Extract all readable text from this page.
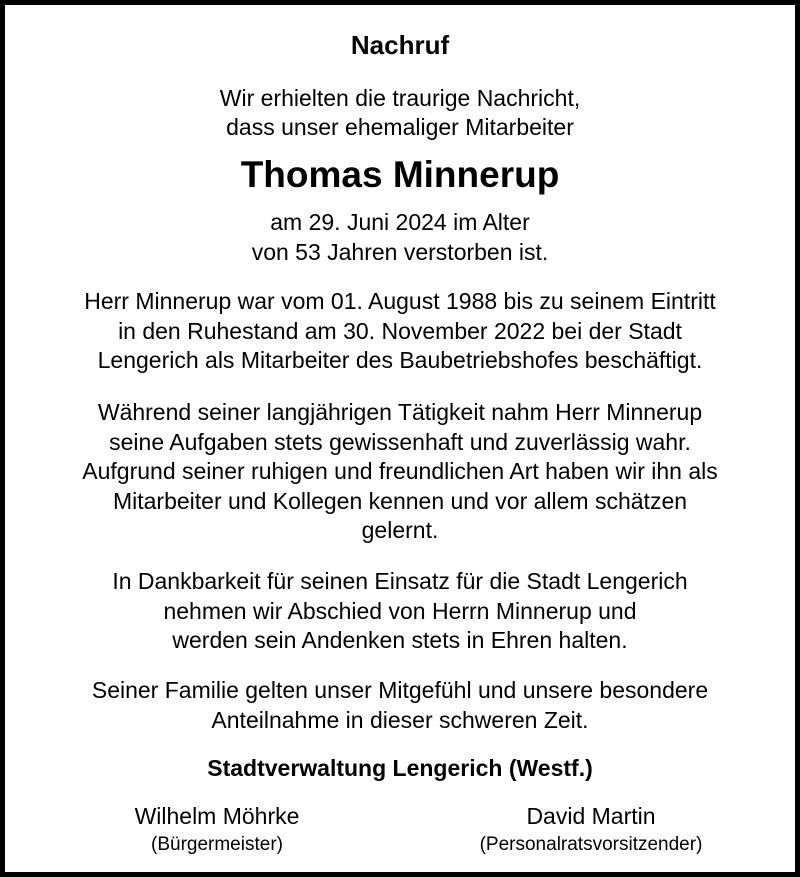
Nachruf
Wir erhielten die traurige Nachricht,
dass unser ehemaliger Mitarbeiter
Thomas Minnerup
am 29. Juni 2024 im Alter
von 53 Jahren verstorben ist.
Herr Minnerup war vom 01. August 1988 bis zu seinem Eintritt
in den Ruhestand am 30. November 2022 bei der Stadt
Lengerich als Mitarbeiter des Baubetriebshofes beschäftigt.
Während seiner langjährigen Tätigkeit nahm Herr Minnerup
seine Aufgaben stets gewissenhaft und zuverlässig wahr.
Aufgrund seiner ruhigen und freundlichen Art haben wir ihn als
Mitarbeiter und Kollegen kennen und vor allem schätzen
gelernt.
In Dankbarkeit für seinen Einsatz für die Stadt Lengerich
nehmen wir Abschied von Herrn Minnerup und
werden sein Andenken stets in Ehren halten.
Seiner Familie gelten unser Mitgefühl und unsere besondere
Anteilnahme in dieser schweren Zeit.
Stadtverwaltung Lengerich (Westf.)
Wilhelm Möhrke
(Bürgermeister)
David Martin
(Personalratsvorsitzender)
